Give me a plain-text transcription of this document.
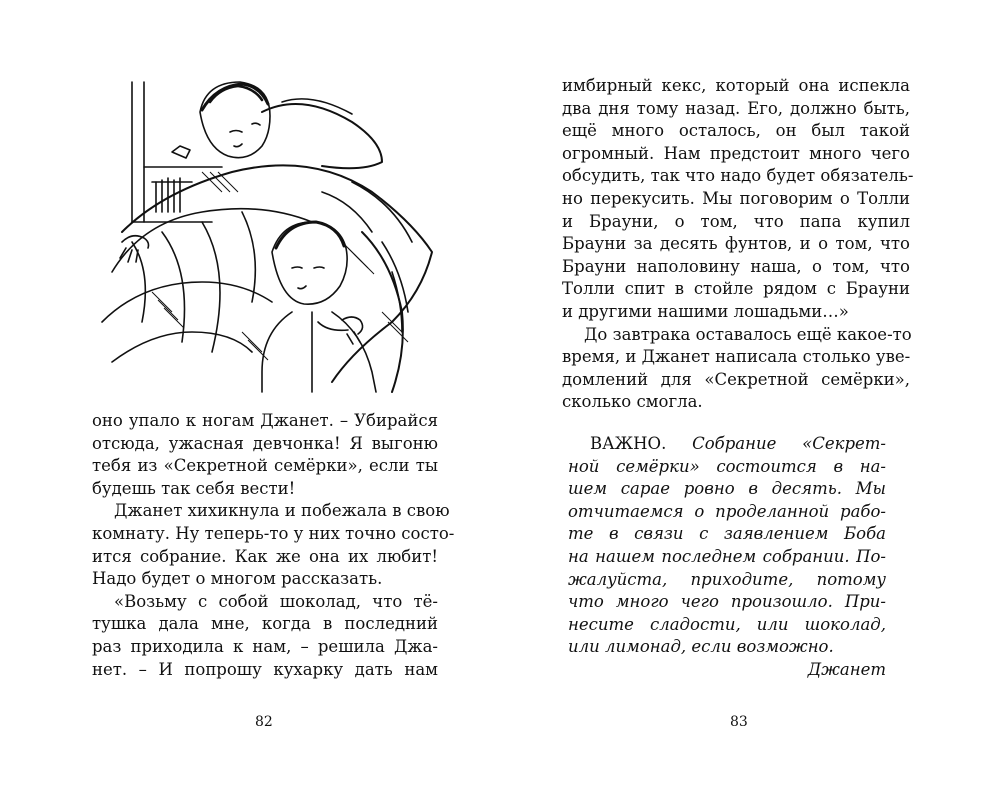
оно упало к ногам Джанет. – Убирайся
отсюда, ужасная девчонка! Я выгоню
тебя из «Секретной семёрки», если ты
будешь так себя вести!
Джанет хихикнула и побежала в свою
комнату. Ну теперь-то у них точно состо-
ится собрание. Как же она их любит!
Надо будет о многом рассказать.
«Возьму с собой шоколад, что тё-
тушка дала мне, когда в последний
раз приходила к нам, – решила Джа-
нет. – И попрошу кухарку дать нам
82
имбирный кекс, который она испекла
два дня тому назад. Его, должно быть,
ещё много осталось, он был такой
огромный. Нам предстоит много чего
обсудить, так что надо будет обязатель-
но перекусить. Мы поговорим о Толли
и Брауни, о том, что папа купил
Брауни за десять фунтов, и о том, что
Брауни наполовину наша, о том, что
Толли спит в стойле рядом с Брауни
и другими нашими лошадьми…»
До завтрака оставалось ещё какое-то
время, и Джанет написала столько уве-
домлений для «Секретной семёрки»,
сколько смогла.
ВАЖНО. Собрание «Секрет-
ной семёрки» состоится в на-
шем сарае ровно в десять. Мы
отчитаемся о проделанной рабо-
те в связи с заявлением Боба
на нашем последнем собрании. По-
жалуйста, приходите, потому
что много чего произошло. При-
несите сладости, или шоколад,
или лимонад, если возможно.
Джанет
83
